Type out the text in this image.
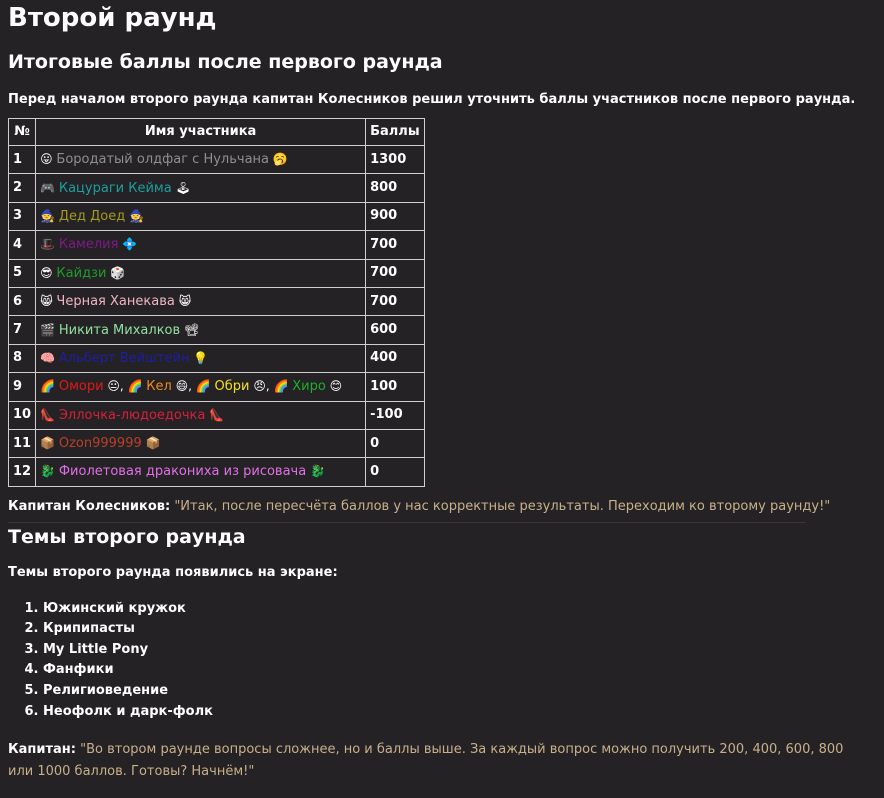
Второй раунд
Итоговые баллы после первого раунда

Перед началом второго раунда капитан Колесников решил уточнить баллы участников после первого раунда.

№	Имя участника	Баллы
1	😛 Бородатый олдфаг с Нульчана 🥱	1300
2	🎮 Кацураги Кейма 🕹	800
3	🧙 Дед Доед 🧙	900
4	🎩 Камелия 💠	700
5	😎 Кайдзи 🎲	700
6	😸 Черная Ханекава 😸	700
7	🎬 Никита Михалков 📽	600
8	🧠 Альберт Вейштейн 💡	400
9	🌈 Омори 😐, 🌈 Кел 😄, 🌈 Обри 😠, 🌈 Хиро 😊	100
10	👠 Эллочка-людоедочка 👠	-100
11	📦 Ozon999999 📦	0
12	🐉 Фиолетовая дракониха из рисовача 🐉	0
Капитан Колесников: "Итак, после пересчёта баллов у нас корректные результаты. Переходим ко второму раунду!"
Темы второго раунда

Темы второго раунда появились на экране:

1. Южинский кружок
2. Крипипасты
3. My Little Pony
4. Фанфики
5. Религиоведение
6. Неофолк и дарк-фолк
Капитан: "Во втором раунде вопросы сложнее, но и баллы выше. За каждый вопрос можно получить 200, 400, 600, 800 или 1000 баллов. Готовы? Начнём!"
